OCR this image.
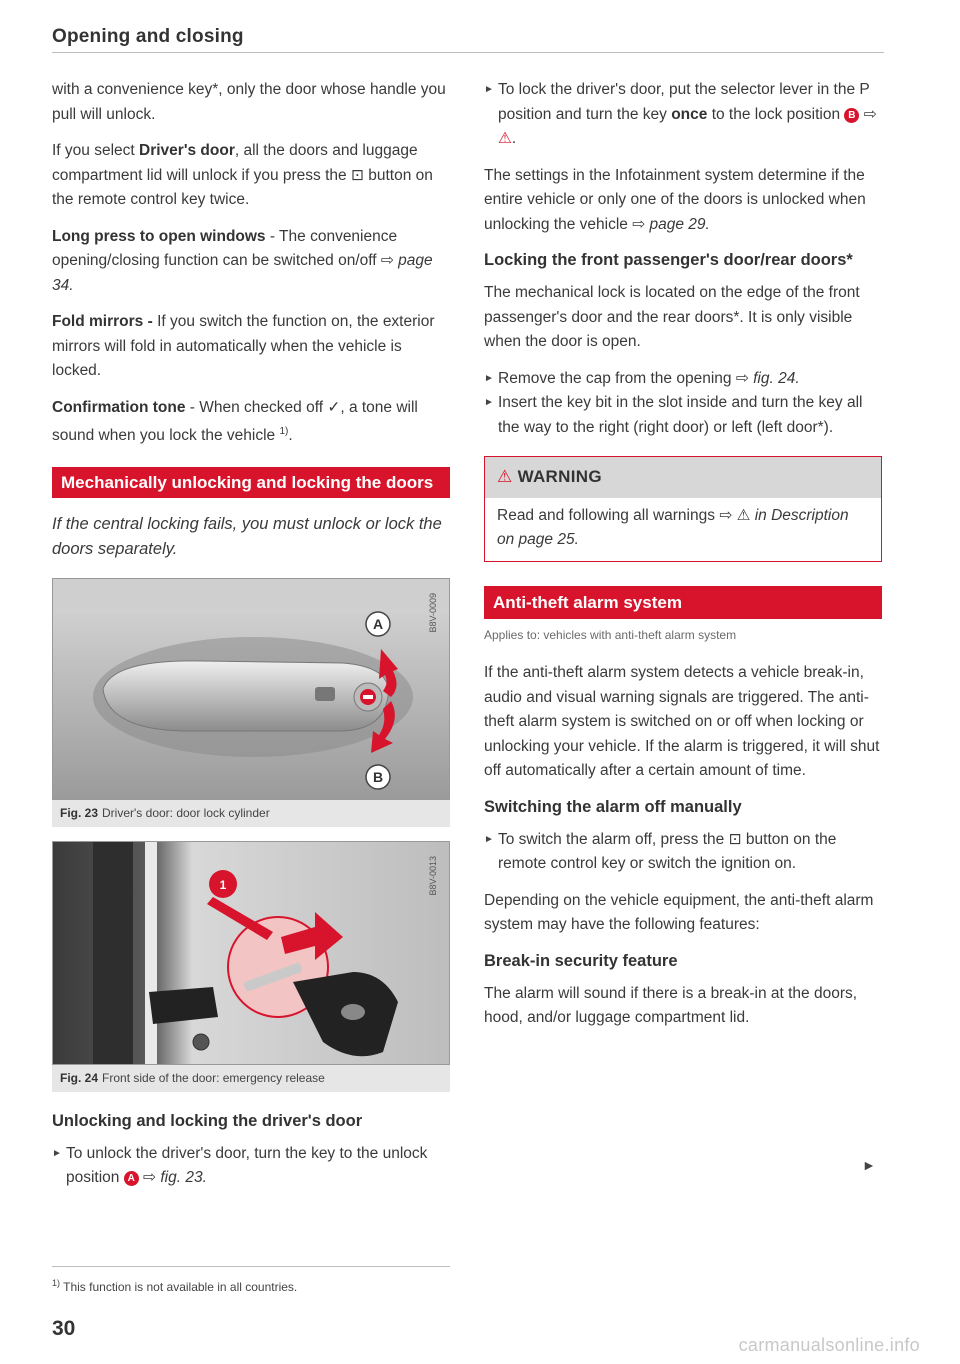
Opening and closing

with a convenience key*, only the door whose handle you pull will unlock.

If you select Driver's door, all the doors and luggage compartment lid will unlock if you press the ⊡ button on the remote control key twice.

Long press to open windows - The convenience opening/closing function can be switched on/off ⇨ page 34.

Fold mirrors - If you switch the function on, the exterior mirrors will fold in automatically when the vehicle is locked.

Confirmation tone - When checked off ✓, a tone will sound when you lock the vehicle $^{1)}$.

Mechanically unlocking and locking the doors
If the central locking fails, you must unlock or lock the doors separately.
A
B
B8V-0009
Fig. 23 Driver's door: door lock cylinder
1	B8V-0013
Fig. 24 Front side of the door: emergency release
Unlocking and locking the driver's door
► To unlock the driver's door, turn the key to the unlock position A ⇨ fig. 23.
► To lock the driver's door, put the selector lever in the P position and turn the key once to the lock position B ⇨ ⚠.

The settings in the Infotainment system determine if the entire vehicle or only one of the doors is unlocked when unlocking the vehicle ⇨ page 29.

Locking the front passenger's door/rear doors*

The mechanical lock is located on the edge of the front passenger's door and the rear doors*. It is only visible when the door is open.

► Remove the cap from the opening ⇨ fig. 24.
► Insert the key bit in the slot inside and turn the key all the way to the right (right door) or left (left door*).
⚠ WARNING
Read and following all warnings ⇨ ⚠ in Description on page 25.
Anti-theft alarm system
Applies to: vehicles with anti-theft alarm system

If the anti-theft alarm system detects a vehicle break-in, audio and visual warning signals are triggered. The anti-theft alarm system is switched on or off when locking or unlocking your vehicle. If the alarm is triggered, it will shut off automatically after a certain amount of time.

Switching the alarm off manually
► To switch the alarm off, press the ⊡ button on the remote control key or switch the ignition on.

Depending on the vehicle equipment, the anti-theft alarm system may have the following features:

Break-in security feature

The alarm will sound if there is a break-in at the doors, hood, and/or luggage compartment lid.

►
$^{1)}$ This function is not available in all countries.
30
carmanualsonline.info
